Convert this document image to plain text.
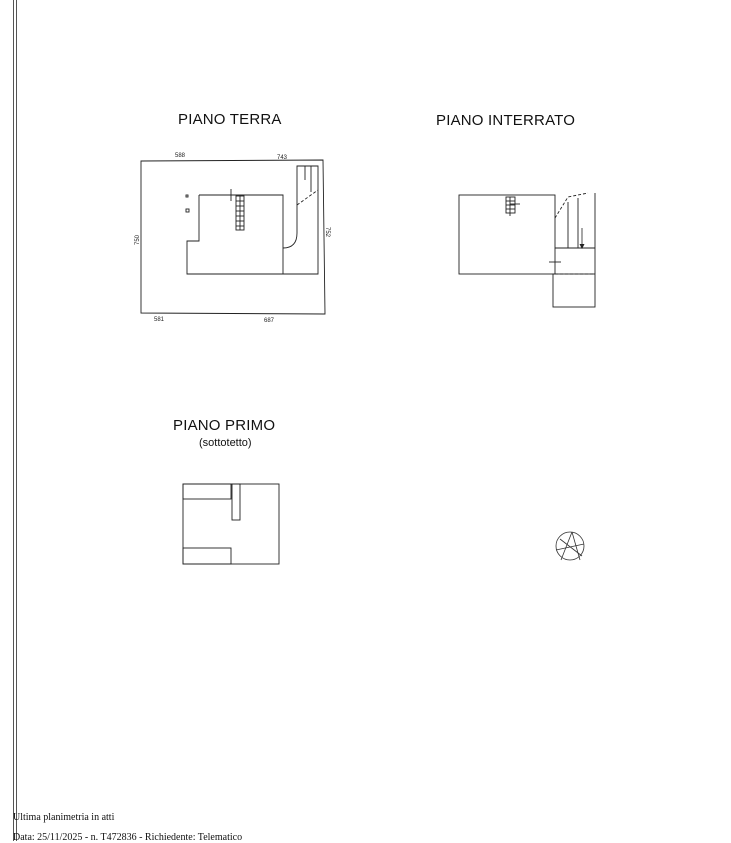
PIANO TERRA	PIANO INTERRATO
PIANO PRIMO
(sottotetto)
588	743
750
752
581	687
Ultima planimetria in atti
Data: 25/11/2025 - n. T472836 - Richiedente: Telematico
